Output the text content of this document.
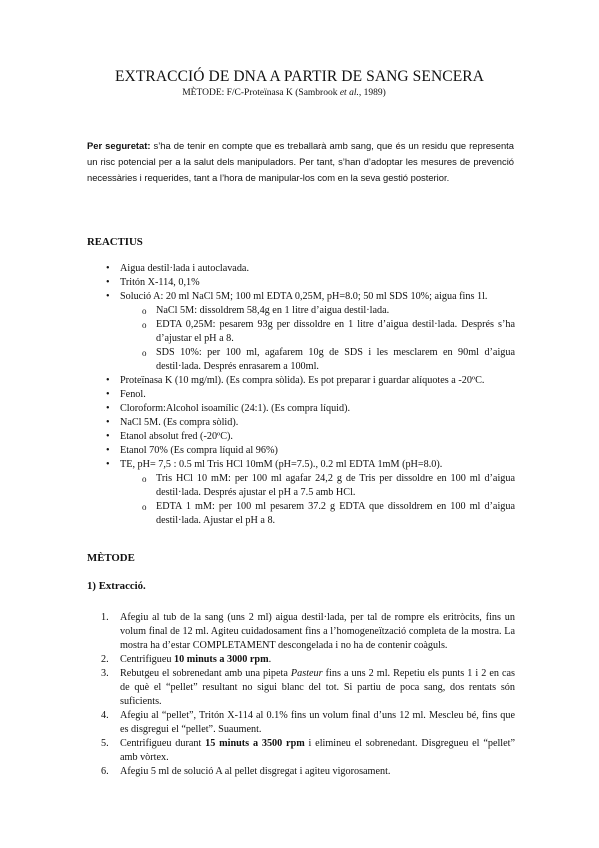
EXTRACCIÓ DE DNA A PARTIR DE SANG SENCERA
MÈTODE: F/C-Proteïnasa K (Sambrook et al., 1989)
Per seguretat: s’ha de tenir en compte que es treballarà amb sang, que és un residu que representa un risc potencial per a la salut dels manipuladors. Per tant, s’han d’adoptar les mesures de prevenció necessàries i requerides, tant a l’hora de manipular-los com en la seva gestió posterior.
REACTIUS
• Aigua destil·lada i autoclavada.
• Tritón X-114, 0,1%
• Solució A: 20 ml NaCl 5M; 100 ml EDTA 0,25M, pH=8.0; 50 ml SDS 10%; aigua fins 1l.
o NaCl 5M: dissoldrem 58,4g en 1 litre d’aigua destil·lada.
o EDTA 0,25M: pesarem 93g per dissoldre en 1 litre d’aigua destil·lada. Després s’ha d’ajustar el pH a 8.
o SDS 10%: per 100 ml, agafarem 10g de SDS i les mesclarem en 90ml d’aigua destil·lada. Després enrasarem a 100ml.
• Proteïnasa K (10 mg/ml). (Es compra sòlida). Es pot preparar i guardar alíquotes a -20ºC.
• Fenol.
• Cloroform:Alcohol isoamílic (24:1). (Es compra líquid).
• NaCl 5M. (Es compra sòlid).
• Etanol absolut fred (-20ºC).
• Etanol 70% (Es compra líquid al 96%)
• TE, pH= 7,5 : 0.5 ml Tris HCl 10mM (pH=7.5)., 0.2 ml EDTA 1mM (pH=8.0).
o Tris HCl 10 mM: per 100 ml agafar 24,2 g de Tris per dissoldre en 100 ml d’aigua destil·lada. Després ajustar el pH a 7.5 amb HCl.
o EDTA 1 mM: per 100 ml pesarem 37.2 g EDTA que dissoldrem en 100 ml d’aigua destil·lada. Ajustar el pH a 8.
MÈTODE
1) Extracció.
1. Afegiu al tub de la sang (uns 2 ml) aigua destil·lada, per tal de rompre els eritròcits, fins un volum final de 12 ml. Agiteu cuidadosament fins a l’homogeneïtzació completa de la mostra. La mostra ha d’estar COMPLETAMENT descongelada i no ha de contenir coàguls.
2. Centrifigueu 10 minuts a 3000 rpm.
3. Rebutgeu el sobrenedant amb una pipeta Pasteur fins a uns 2 ml. Repetiu els punts 1 i 2 en cas de què el “pellet” resultant no sigui blanc del tot. Si partiu de poca sang, dos rentats són suficients.
4. Afegiu al “pellet”, Tritón X-114 al 0.1% fins un volum final d’uns 12 ml. Mescleu bé, fins que es disgregui el “pellet”. Suaument.
5. Centrifigueu durant 15 minuts a 3500 rpm i elimineu el sobrenedant. Disgregueu el “pellet” amb vòrtex.
6. Afegiu 5 ml de solució A al pellet disgregat i agiteu vigorosament.
